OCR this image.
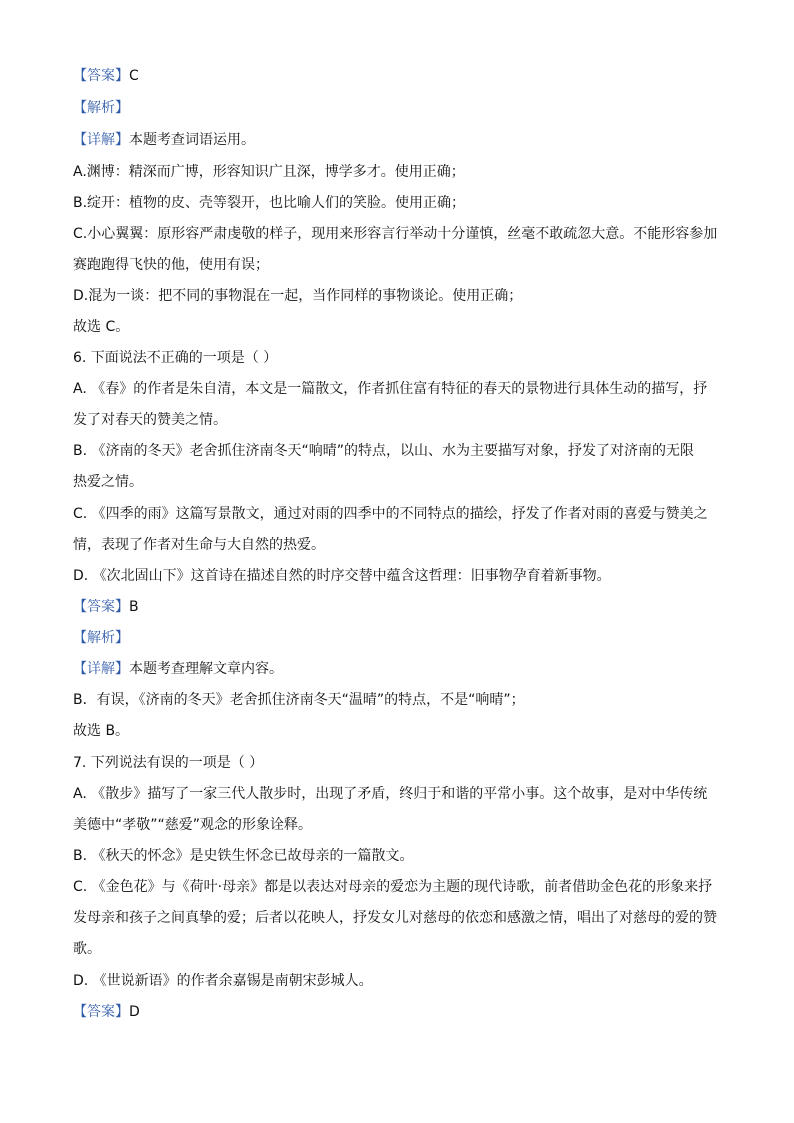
【答案】C
【解析】
【详解】本题考查词语运用。
A.渊博：精深而广博，形容知识广且深，博学多才。使用正确；
B.绽开：植物的皮、壳等裂开，也比喻人们的笑脸。使用正确；
C.小心翼翼：原形容严肃虔敬的样子，现用来形容言行举动十分谨慎，丝毫不敢疏忽大意。不能形容参加
赛跑跑得飞快的他，使用有误；
D.混为一谈：把不同的事物混在一起，当作同样的事物谈论。使用正确；
故选 C。
6. 下面说法不正确的一项是（ ）
A. 《春》的作者是朱自清，本文是一篇散文，作者抓住富有特征的春天的景物进行具体生动的描写，抒
发了对春天的赞美之情。
B. 《济南的冬天》老舍抓住济南冬天“响晴”的特点，以山、水为主要描写对象，抒发了对济南的无限
热爱之情。
C. 《四季的雨》这篇写景散文，通过对雨的四季中的不同特点的描绘，抒发了作者对雨的喜爱与赞美之
情，表现了作者对生命与大自然的热爱。
D. 《次北固山下》这首诗在描述自然的时序交替中蕴含这哲理：旧事物孕育着新事物。
【答案】B
【解析】
【详解】本题考查理解文章内容。
B．有误，《济南的冬天》老舍抓住济南冬天“温晴”的特点，不是“响晴”；
故选 B。
7. 下列说法有误的一项是（ ）
A. 《散步》描写了一家三代人散步时，出现了矛盾，终归于和谐的平常小事。这个故事，是对中华传统
美德中“孝敬”“慈爱”观念的形象诠释。
B. 《秋天的怀念》是史铁生怀念已故母亲的一篇散文。
C. 《金色花》与《荷叶·母亲》都是以表达对母亲的爱恋为主题的现代诗歌，前者借助金色花的形象来抒
发母亲和孩子之间真挚的爱；后者以花映人，抒发女儿对慈母的依恋和感激之情，唱出了对慈母的爱的赞
歌。
D. 《世说新语》的作者余嘉锡是南朝宋彭城人。
【答案】D
